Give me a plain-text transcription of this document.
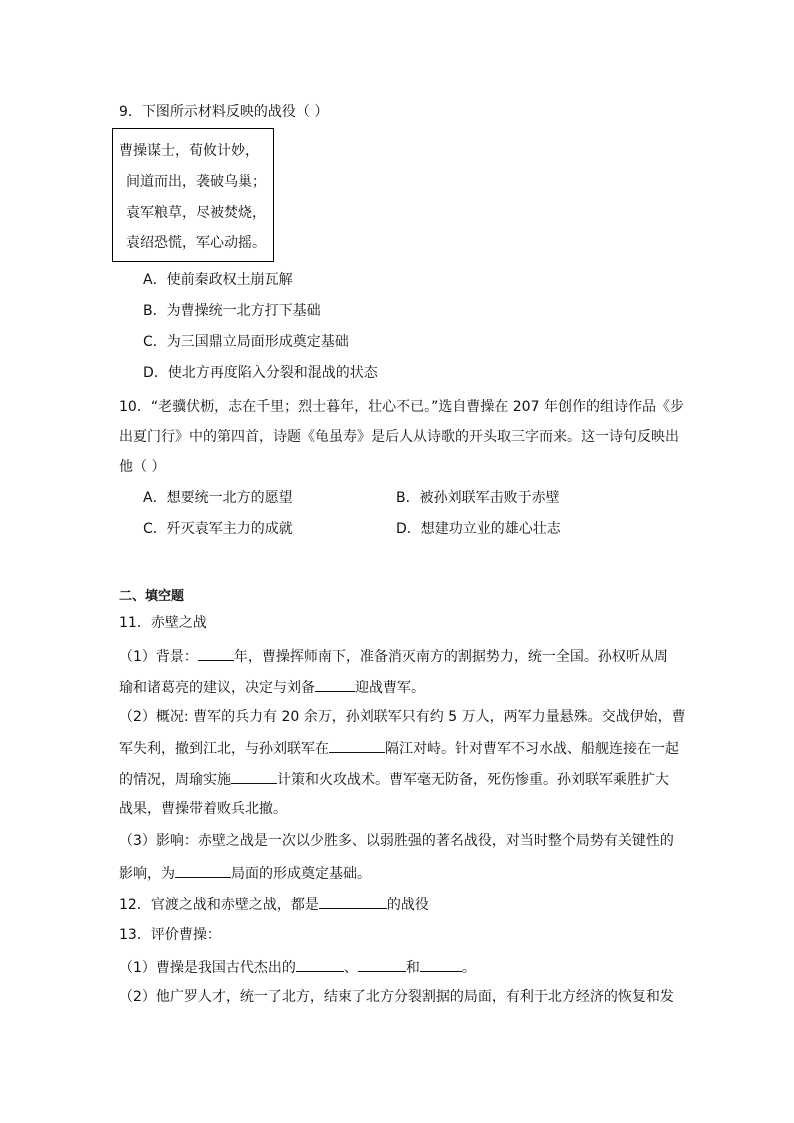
9．下图所示材料反映的战役（ ）
曹操谋士，荀攸计妙，
间道而出，袭破乌巢；
袁军粮草，尽被焚烧，
袁绍恐慌，军心动摇。
A．使前秦政权土崩瓦解
B．为曹操统一北方打下基础
C．为三国鼎立局面形成奠定基础
D．使北方再度陷入分裂和混战的状态
10．“老骥伏枥，志在千里；烈士暮年，壮心不已。”选自曹操在 207 年创作的组诗作品《步
出夏门行》中的第四首，诗题《龟虽寿》是后人从诗歌的开头取三字而来。这一诗句反映出
他（ ）
A．想要统一北方的愿望	B．被孙刘联军击败于赤壁
C．歼灭袁军主力的成就	D．想建功立业的雄心壮志
二、填空题
11．赤壁之战
（1）背景：	年，曹操挥师南下，准备消灭南方的割据势力，统一全国。孙权听从周
瑜和诸葛亮的建议，决定与刘备	迎战曹军。
（2）概况: 曹军的兵力有 20 余万，孙刘联军只有约 5 万人，两军力量悬殊。交战伊始，曹
军失利，撤到江北，与孙刘联军在	隔江对峙。针对曹军不习水战、船舰连接在一起
的情况，周瑜实施	计策和火攻战术。曹军毫无防备，死伤惨重。孙刘联军乘胜扩大
战果，曹操带着败兵北撤。
（3）影响：赤壁之战是一次以少胜多、以弱胜强的著名战役，对当时整个局势有关键性的
影响，为	局面的形成奠定基础。
12．官渡之战和赤壁之战，都是	的战役
13．评价曹操：
（1）曹操是我国古代杰出的	、	和	。
（2）他广罗人才，统一了北方，结束了北方分裂割据的局面，有利于北方经济的恢复和发
